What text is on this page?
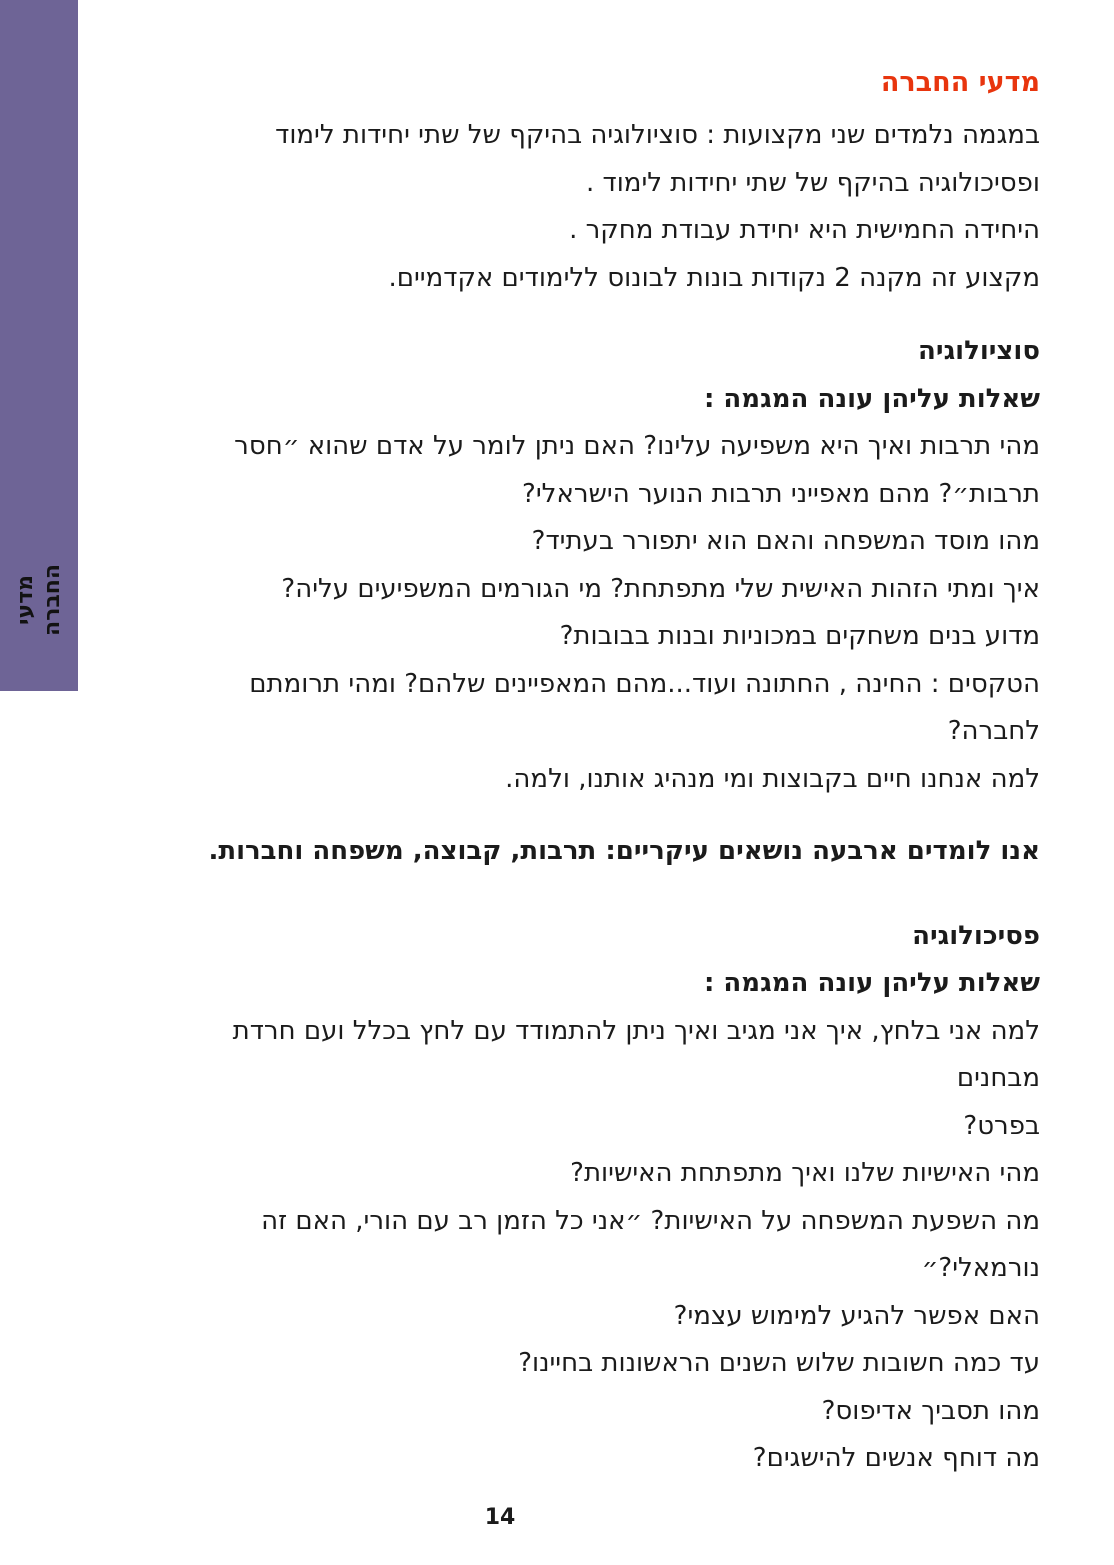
מדעי החברה
מדעי החברה
במגמה נלמדים שני מקצועות : סוציולוגיה בהיקף של שתי יחידות לימוד
ופסיכולוגיה בהיקף של שתי יחידות לימוד .
היחידה החמישית היא יחידת עבודת מחקר .
מקצוע זה מקנה 2 נקודות בונות לבונוס ללימודים אקדמיים.
סוציולוגיה
שאלות עליהן עונה המגמה :
מהי תרבות ואיך היא משפיעה עלינו? האם ניתן לומר על אדם שהוא ״חסר
תרבות״? מהם מאפייני תרבות הנוער הישראלי?
מהו מוסד המשפחה והאם הוא יתפורר בעתיד?
איך ומתי הזהות האישית שלי מתפתחת? מי הגורמים המשפיעים עליה?
מדוע בנים משחקים במכוניות ובנות בבובות?
הטקסים : החינה , החתונה ועוד...מהם המאפיינים שלהם? ומהי תרומתם לחברה?
למה אנחנו חיים בקבוצות ומי מנהיג אותנו, ולמה.
אנו לומדים ארבעה נושאים עיקריים: תרבות, קבוצה, משפחה וחברות.
פסיכולוגיה
שאלות עליהן עונה המגמה :
למה אני בלחץ, איך אני מגיב ואיך ניתן להתמודד עם לחץ בכלל ועם חרדת מבחנים
בפרט?
מהי האישיות שלנו ואיך מתפתחת האישיות?
מה השפעת המשפחה על האישיות? ״אני כל הזמן רב עם הורי, האם זה נורמאלי?״
האם אפשר להגיע למימוש עצמי?
עד כמה חשובות שלוש השנים הראשונות בחיינו?
מהו תסביך אדיפוס?
מה דוחף אנשים להישגים?
14
